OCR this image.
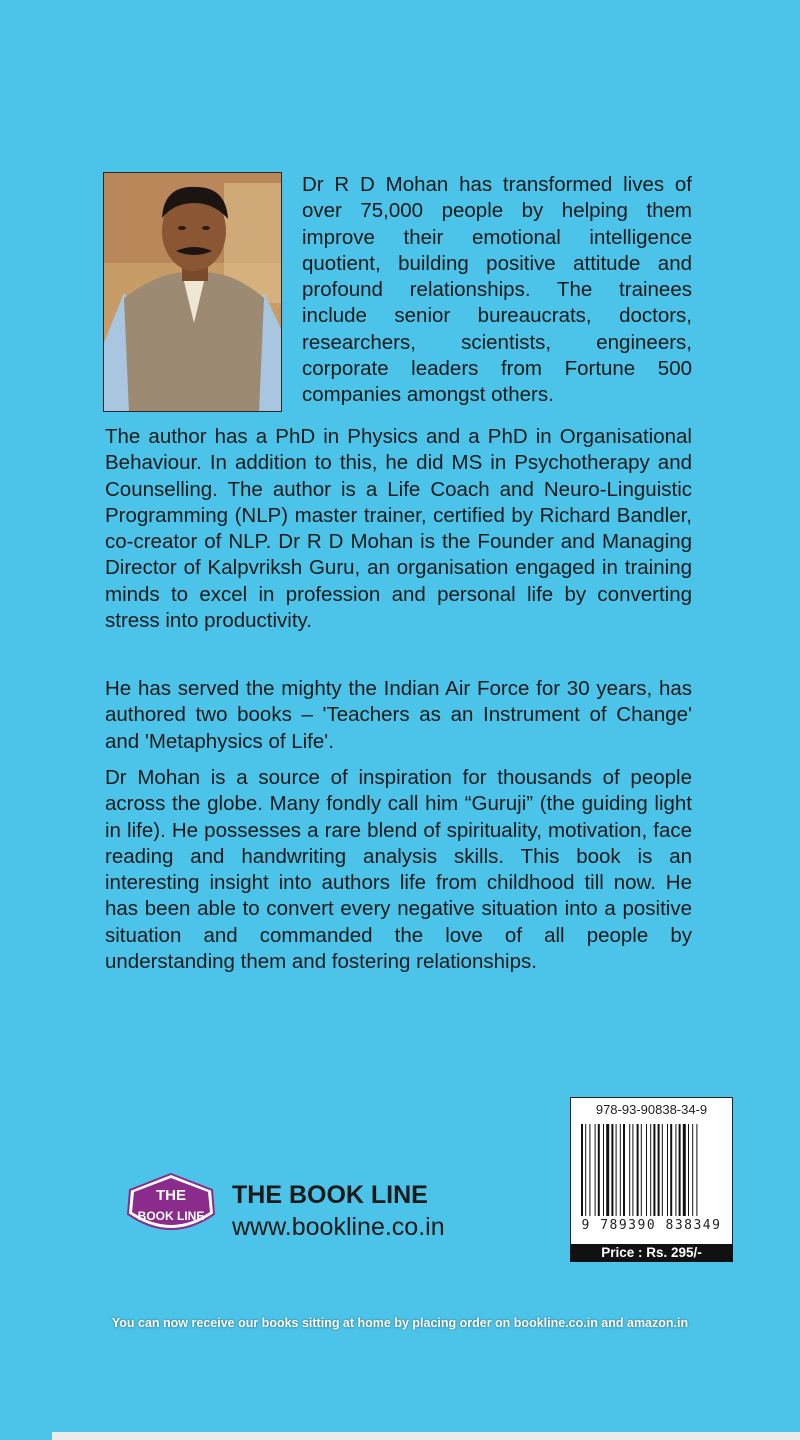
Dr R D Mohan has transformed lives of over 75,000 people by helping them improve their emotional intelligence quotient, building positive attitude and profound relationships. The trainees include senior bureaucrats, doctors, researchers, scientists, engineers, corporate leaders from Fortune 500 companies amongst others.

The author has a PhD in Physics and a PhD in Organisational Behaviour. In addition to this, he did MS in Psychotherapy and Counselling. The author is a Life Coach and Neuro-Linguistic Programming (NLP) master trainer, certified by Richard Bandler, co-creator of NLP. Dr R D Mohan is the Founder and Managing Director of Kalpvriksh Guru, an organisation engaged in training minds to excel in profession and personal life by converting stress into productivity.

He has served the mighty the Indian Air Force for 30 years, has authored two books – 'Teachers as an Instrument of Change' and 'Metaphysics of Life'.

Dr Mohan is a source of inspiration for thousands of people across the globe. Many fondly call him “Guruji” (the guiding light in life). He possesses a rare blend of spirituality, motivation, face reading and handwriting analysis skills. This book is an interesting insight into authors life from childhood till now. He has been able to convert every negative situation into a positive situation and commanded the love of all people by understanding them and fostering relationships.

THE
BOOK LINE
THE BOOK LINE
www.bookline.co.in
978-93-90838-34-9
9 789390 838349
Price : Rs. 295/-
You can now receive our books sitting at home by placing order on bookline.co.in and amazon.in
